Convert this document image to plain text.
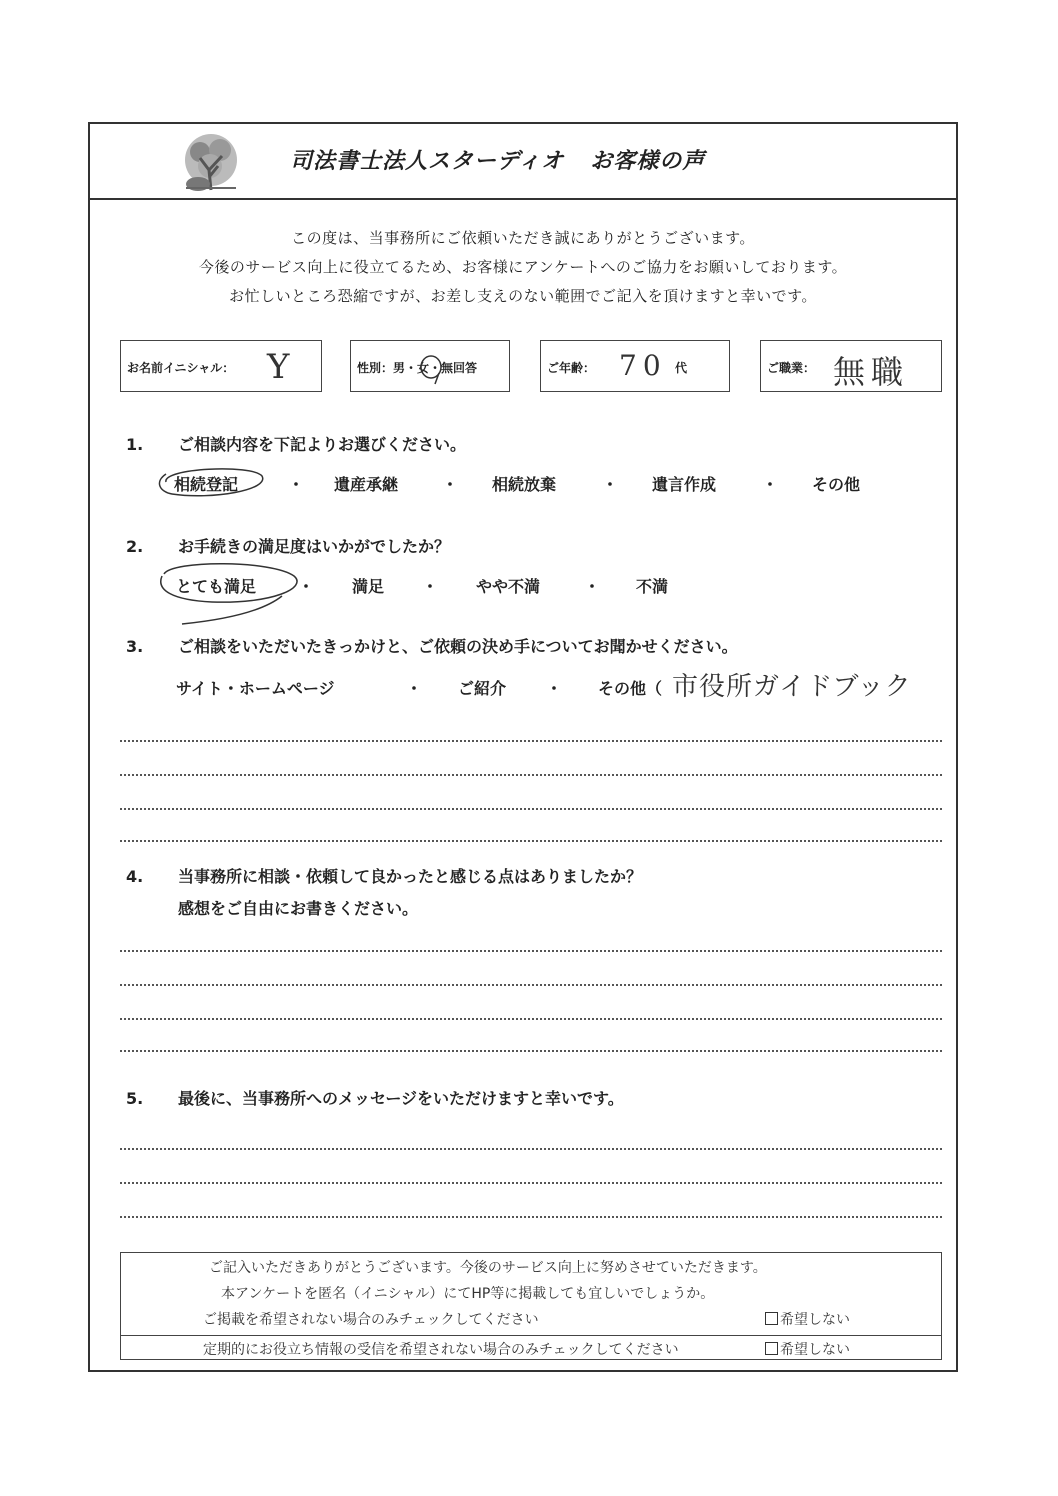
司法書士法人スターディオ お客様の声
この度は、当事務所にご依頼いただき誠にありがとうございます。
今後のサービス向上に役立てるため、お客様にアンケートへのご協力をお願いしております。
お忙しいところ恐縮ですが、お差し支えのない範囲でご記入を頂けますと幸いです。
お名前イニシャル： Y	性別：男・女・無回答	ご年齢： 70 代	ご職業： 無職
1. ご相談内容を下記よりお選びください。
相続登記	・ 遺産承継	・ 相続放棄	・ 遺言作成	・ その他
2. お手続きの満足度はいかがでしたか？
とても満足	・ 満足 ・ やや不満	・ 不満
3. ご相談をいただいたきっかけと、ご依頼の決め手についてお聞かせください。
サイト・ホームページ	・ ご紹介 ・ その他（ 市役所ガイドブック
4. 当事務所に相談・依頼して良かったと感じる点はありましたか？
感想をご自由にお書きください。
5. 最後に、当事務所へのメッセージをいただけますと幸いです。
ご記入いただきありがとうございます。今後のサービス向上に努めさせていただきます。
本アンケートを匿名（イニシャル）にてHP等に掲載しても宜しいでしょうか。
ご掲載を希望されない場合のみチェックしてください	希望しない
定期的にお役立ち情報の受信を希望されない場合のみチェックしてください	希望しない
